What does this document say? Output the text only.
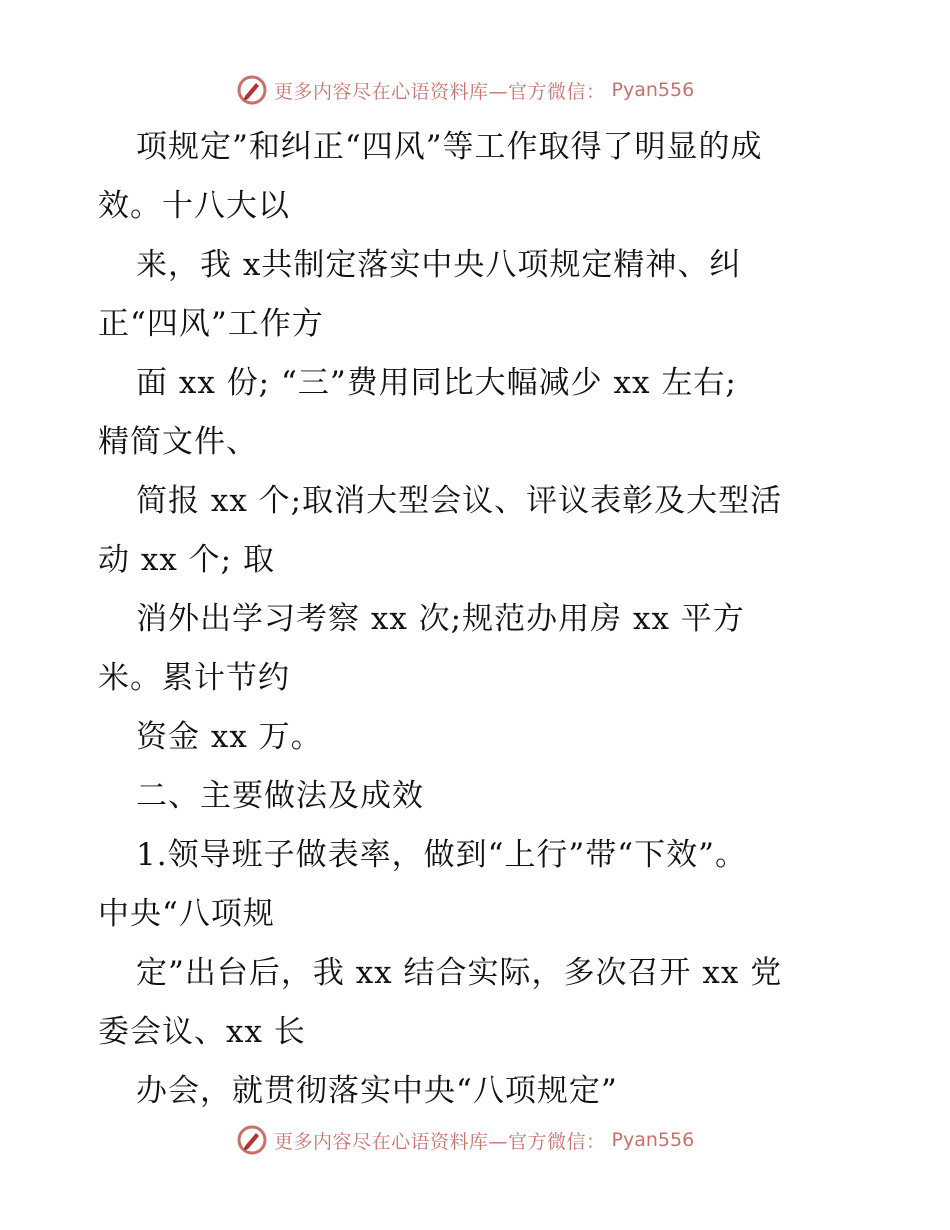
更多内容尽在心语资料库—官方微信： Pyan556
项规定”和纠正“四风”等工作取得了明显的成
效。十八大以
来，我 x共制定落实中央八项规定精神、纠
正“四风”工作方
面 xx 份; “三”费用同比大幅减少 xx 左右;
精简文件、
简报 xx 个;取消大型会议、评议表彰及大型活
动 xx 个; 取
消外出学习考察 xx 次;规范办用房 xx 平方
米。累计节约
资金 xx 万。
二、主要做法及成效
1.领导班子做表率，做到“上行”带“下效”。
中央“八项规
定”出台后，我 xx 结合实际，多次召开 xx 党
委会议、xx 长
办会，就贯彻落实中央“八项规定”
更多内容尽在心语资料库—官方微信： Pyan556
